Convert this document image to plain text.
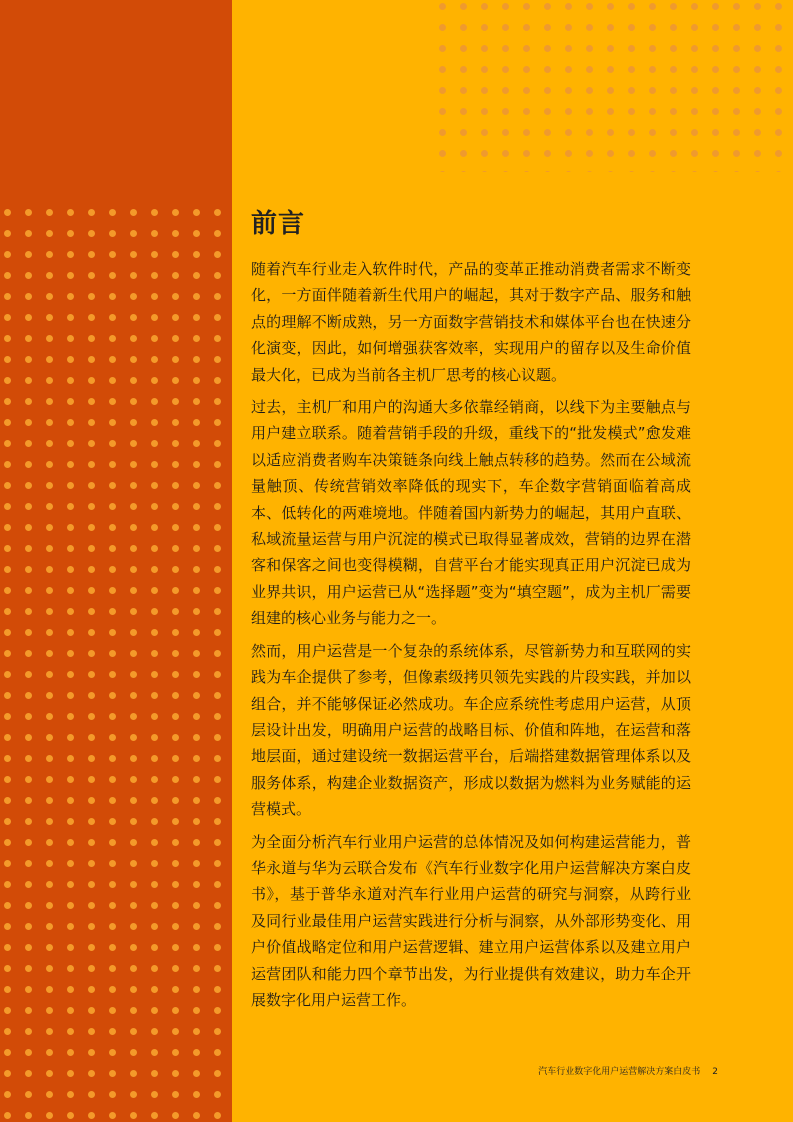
前言

随着汽车行业走入软件时代，产品的变革正推动消费者需求不断变化，一方面伴随着新生代用户的崛起，其对于数字产品、服务和触点的理解不断成熟，另一方面数字营销技术和媒体平台也在快速分化演变，因此，如何增强获客效率，实现用户的留存以及生命价值最大化，已成为当前各主机厂思考的核心议题。

过去，主机厂和用户的沟通大多依靠经销商，以线下为主要触点与用户建立联系。随着营销手段的升级，重线下的“批发模式”愈发难以适应消费者购车决策链条向线上触点转移的趋势。然而在公域流量触顶、传统营销效率降低的现实下，车企数字营销面临着高成本、低转化的两难境地。伴随着国内新势力的崛起，其用户直联、私域流量运营与用户沉淀的模式已取得显著成效，营销的边界在潜客和保客之间也变得模糊，自营平台才能实现真正用户沉淀已成为业界共识，用户运营已从“选择题”变为“填空题”，成为主机厂需要组建的核心业务与能力之一。

然而，用户运营是一个复杂的系统体系，尽管新势力和互联网的实践为车企提供了参考，但像素级拷贝领先实践的片段实践，并加以组合，并不能够保证必然成功。车企应系统性考虑用户运营，从顶层设计出发，明确用户运营的战略目标、价值和阵地，在运营和落地层面，通过建设统一数据运营平台，后端搭建数据管理体系以及服务体系，构建企业数据资产，形成以数据为燃料为业务赋能的运营模式。

为全面分析汽车行业用户运营的总体情况及如何构建运营能力，普华永道与华为云联合发布《汽车行业数字化用户运营解决方案白皮书》，基于普华永道对汽车行业用户运营的研究与洞察，从跨行业及同行业最佳用户运营实践进行分析与洞察，从外部形势变化、用户价值战略定位和用户运营逻辑、建立用户运营体系以及建立用户运营团队和能力四个章节出发，为行业提供有效建议，助力车企开展数字化用户运营工作。

汽车行业数字化用户运营解决方案白皮书 2
